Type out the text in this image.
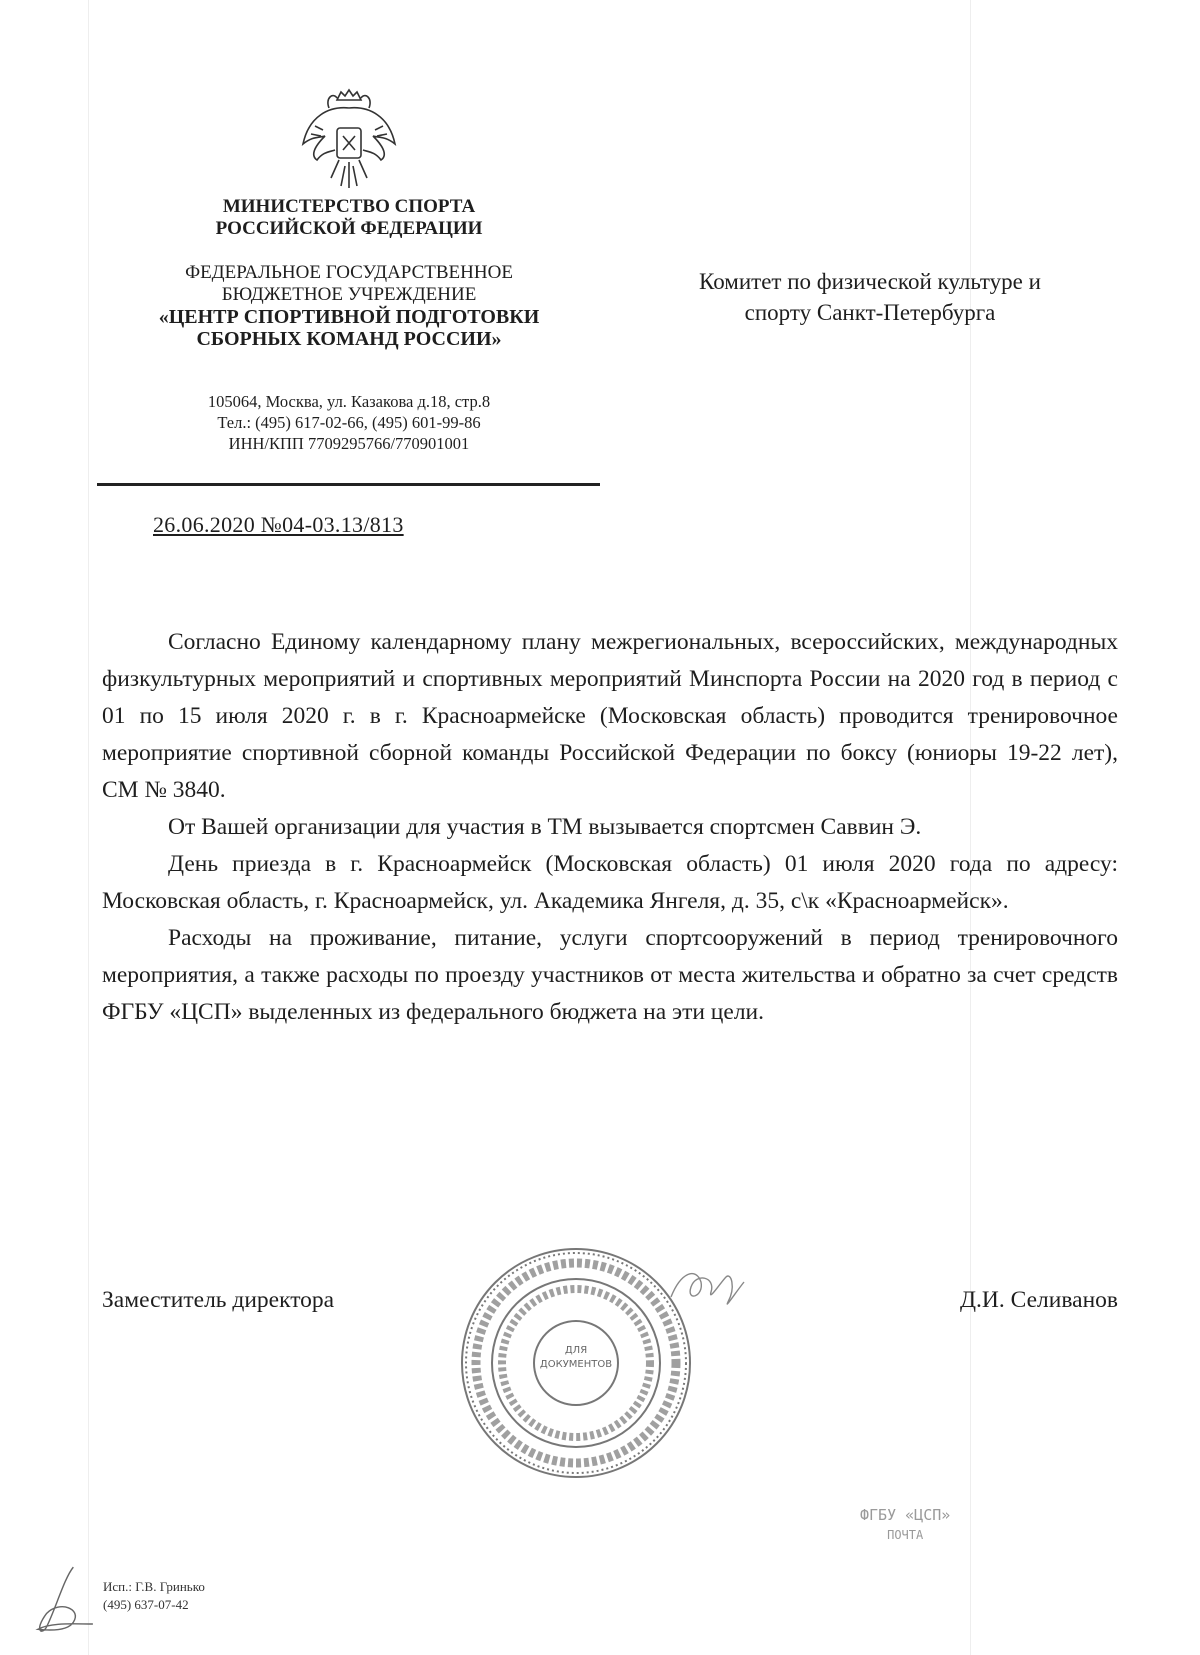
МИНИСТЕРСТВО СПОРТА
РОССИЙСКОЙ ФЕДЕРАЦИИ
ФЕДЕРАЛЬНОЕ ГОСУДАРСТВЕННОЕ
БЮДЖЕТНОЕ УЧРЕЖДЕНИЕ
«ЦЕНТР СПОРТИВНОЙ ПОДГОТОВКИ
СБОРНЫХ КОМАНД РОССИИ»
105064, Москва, ул. Казакова д.18, стр.8
Тел.: (495) 617-02-66, (495) 601-99-86
ИНН/КПП 7709295766/770901001
26.06.2020 №04-03.13/813
Комитет по физической культуре и
спорту Санкт-Петербурга

Согласно Единому календарному плану межрегиональных, всероссийских, международных физкультурных мероприятий и спортивных мероприятий Минспорта России на 2020 год в период с 01 по 15 июля 2020 г. в г. Красноармейске (Московская область) проводится тренировочное мероприятие спортивной сборной команды Российской Федерации по боксу (юниоры 19-22 лет), СМ № 3840.

От Вашей организации для участия в ТМ вызывается спортсмен Саввин Э.

День приезда в г. Красноармейск (Московская область) 01 июля 2020 года по адресу: Московская область, г. Красноармейск, ул. Академика Янгеля, д. 35, с\к «Красноармейск».

Расходы на проживание, питание, услуги спортсооружений в период тренировочного мероприятия, а также расходы по проезду участников от места жительства и обратно за счет средств ФГБУ «ЦСП» выделенных из федерального бюджета на эти цели.

Заместитель директора	Д.И. Селиванов
ДЛЯ ДОКУМЕНТОВ
ФГБУ «ЦСП»
ПОЧТА
Исп.: Г.В. Гринько
(495) 637-07-42
